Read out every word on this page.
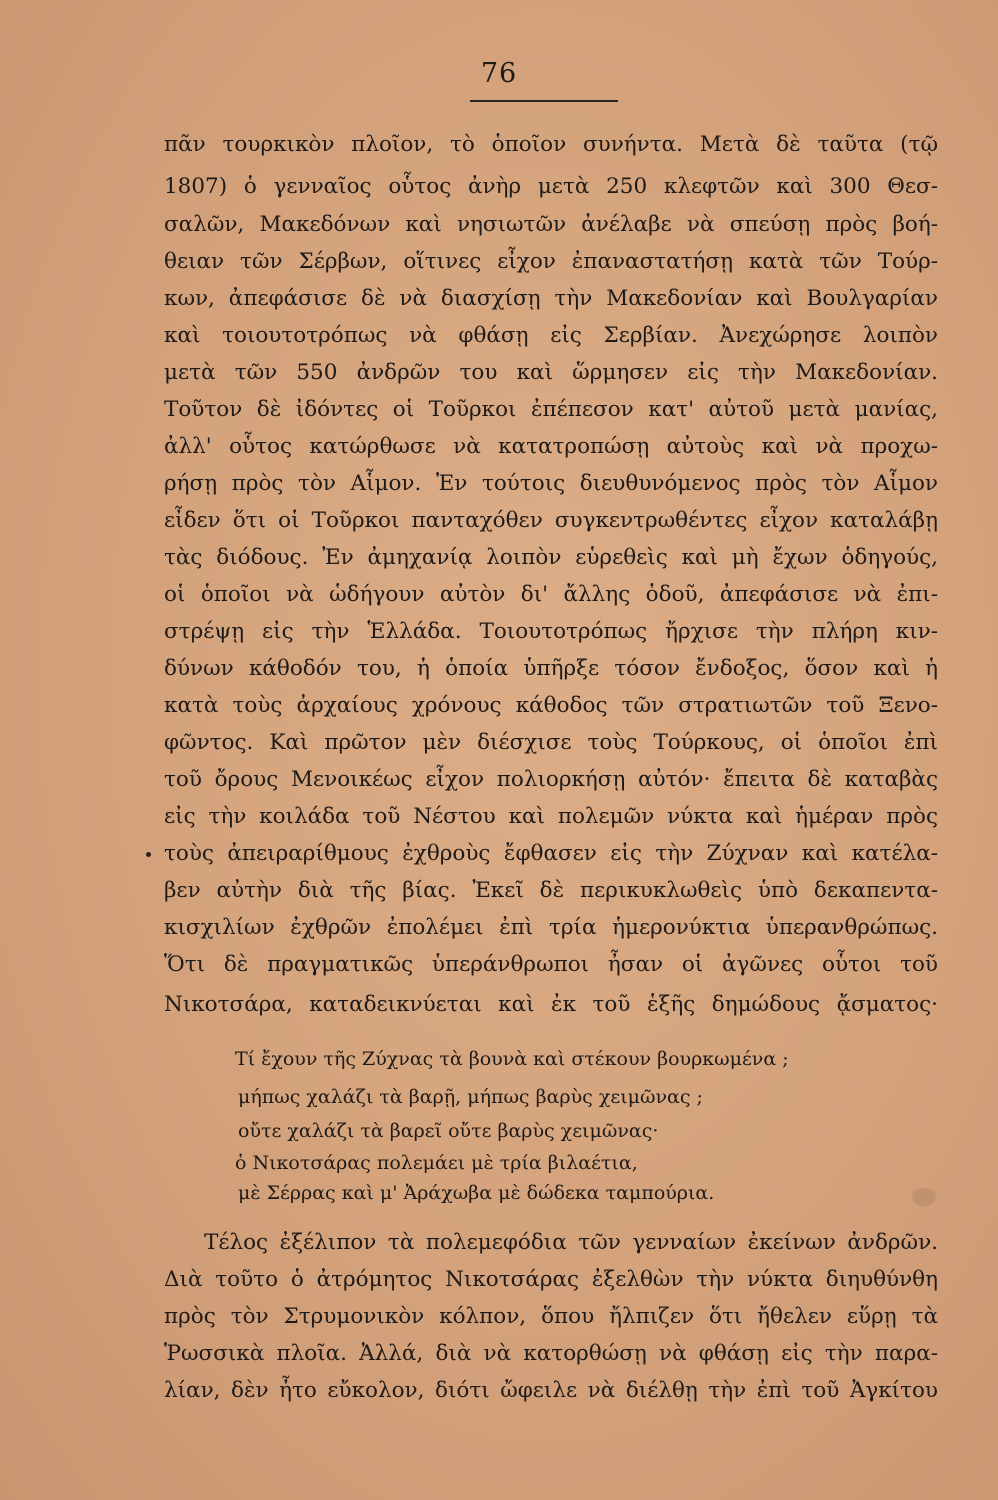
76
πᾶν τουρκικὸν πλοῖον, τὸ ὁποῖον συνήντα. Μετὰ δὲ ταῦτα (τῷ
1807) ὁ γενναῖος οὗτος ἀνὴρ μετὰ 250 κλεφτῶν καὶ 300 Θεσ-
σαλῶν, Μακεδόνων καὶ νησιωτῶν ἀνέλαβε νὰ σπεύσῃ πρὸς βοή-
θειαν τῶν Σέρβων, οἵτινες εἶχον ἐπαναστατήσῃ κατὰ τῶν Τούρ-
κων, ἀπεφάσισε δὲ νὰ διασχίσῃ τὴν Μακεδονίαν καὶ Βουλγαρίαν
καὶ τοιουτοτρόπως νὰ φθάσῃ εἰς Σερβίαν. Ἀνεχώρησε λοιπὸν
μετὰ τῶν 550 ἀνδρῶν του καὶ ὥρμησεν εἰς τὴν Μακεδονίαν.
Τοῦτον δὲ ἰδόντες οἱ Τοῦρκοι ἐπέπεσον κατ' αὐτοῦ μετὰ μανίας,
ἀλλ' οὗτος κατώρθωσε νὰ κατατροπώσῃ αὐτοὺς καὶ νὰ προχω-
ρήσῃ πρὸς τὸν Αἷμον. Ἐν τούτοις διευθυνόμενος πρὸς τὸν Αἷμον
εἶδεν ὅτι οἱ Τοῦρκοι πανταχόθεν συγκεντρωθέντες εἶχον καταλάβῃ
τὰς διόδους. Ἐν ἀμηχανίᾳ λοιπὸν εὑρεθεὶς καὶ μὴ ἔχων ὁδηγούς,
οἱ ὁποῖοι νὰ ὡδήγουν αὐτὸν δι' ἄλλης ὁδοῦ, ἀπεφάσισε νὰ ἐπι-
στρέψῃ εἰς τὴν Ἑλλάδα. Τοιουτοτρόπως ἤρχισε τὴν πλήρη κιν-
δύνων κάθοδόν του, ἡ ὁποία ὑπῆρξε τόσον ἔνδοξος, ὅσον καὶ ἡ
κατὰ τοὺς ἀρχαίους χρόνους κάθοδος τῶν στρατιωτῶν τοῦ Ξενο-
φῶντος. Καὶ πρῶτον μὲν διέσχισε τοὺς Τούρκους, οἱ ὁποῖοι ἐπὶ
τοῦ ὄρους Μενοικέως εἶχον πολιορκήσῃ αὐτόν· ἔπειτα δὲ καταβὰς
εἰς τὴν κοιλάδα τοῦ Νέστου καὶ πολεμῶν νύκτα καὶ ἡμέραν πρὸς
τοὺς ἀπειραρίθμους ἐχθροὺς ἔφθασεν εἰς τὴν Ζύχναν καὶ κατέλα-
βεν αὐτὴν διὰ τῆς βίας. Ἐκεῖ δὲ περικυκλωθεὶς ὑπὸ δεκαπεντα-
κισχιλίων ἐχθρῶν ἐπολέμει ἐπὶ τρία ἡμερονύκτια ὑπερανθρώπως.
Ὅτι δὲ πραγματικῶς ὑπεράνθρωποι ἦσαν οἱ ἀγῶνες οὗτοι τοῦ
Νικοτσάρα, καταδεικνύεται καὶ ἐκ τοῦ ἑξῆς δημώδους ᾄσματος·
Τί ἔχουν τῆς Ζύχνας τὰ βουνὰ καὶ στέκουν βουρκωμένα ;
μήπως χαλάζι τὰ βαρῇ, μήπως βαρὺς χειμῶνας ;
οὔτε χαλάζι τὰ βαρεῖ οὔτε βαρὺς χειμῶνας·
ὁ Νικοτσάρας πολεμάει μὲ τρία βιλαέτια,
μὲ Σέρρας καὶ μ' Ἀράχωβα μὲ δώδεκα ταμπούρια.
Τέλος ἐξέλιπον τὰ πολεμεφόδια τῶν γενναίων ἐκείνων ἀνδρῶν.
Διὰ τοῦτο ὁ ἀτρόμητος Νικοτσάρας ἐξελθὼν τὴν νύκτα διηυθύνθη
πρὸς τὸν Στρυμονικὸν κόλπον, ὅπου ἤλπιζεν ὅτι ἤθελεν εὕρῃ τὰ
Ῥωσσικὰ πλοῖα. Ἀλλά, διὰ νὰ κατορθώσῃ νὰ φθάσῃ εἰς τὴν παρα-
λίαν, δὲν ἦτο εὔκολον, διότι ὤφειλε νὰ διέλθῃ τὴν ἐπὶ τοῦ Ἀγκίτου
